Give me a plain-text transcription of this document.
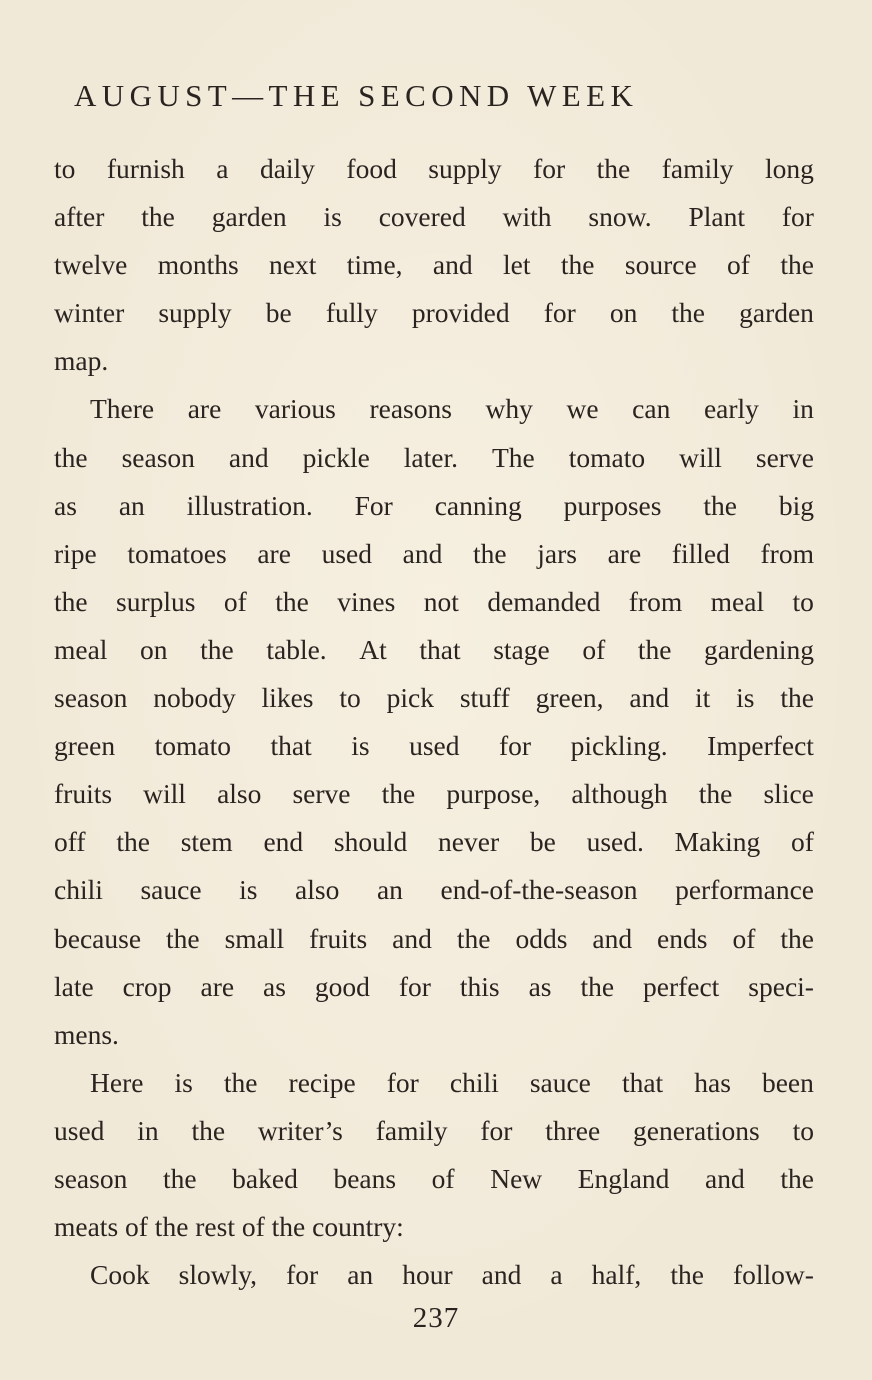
AUGUST—THE SECOND WEEK
to furnish a daily food supply for the family long
after the garden is covered with snow. Plant for
twelve months next time, and let the source of the
winter supply be fully provided for on the garden
map.
There are various reasons why we can early in
the season and pickle later. The tomato will serve
as an illustration. For canning purposes the big
ripe tomatoes are used and the jars are filled from
the surplus of the vines not demanded from meal to
meal on the table. At that stage of the gardening
season nobody likes to pick stuff green, and it is the
green tomato that is used for pickling. Imperfect
fruits will also serve the purpose, although the slice
off the stem end should never be used. Making of
chili sauce is also an end-of-the-season performance
because the small fruits and the odds and ends of the
late crop are as good for this as the perfect speci-
mens.
Here is the recipe for chili sauce that has been
used in the writer’s family for three generations to
season the baked beans of New England and the
meats of the rest of the country:
Cook slowly, for an hour and a half, the follow-
237
